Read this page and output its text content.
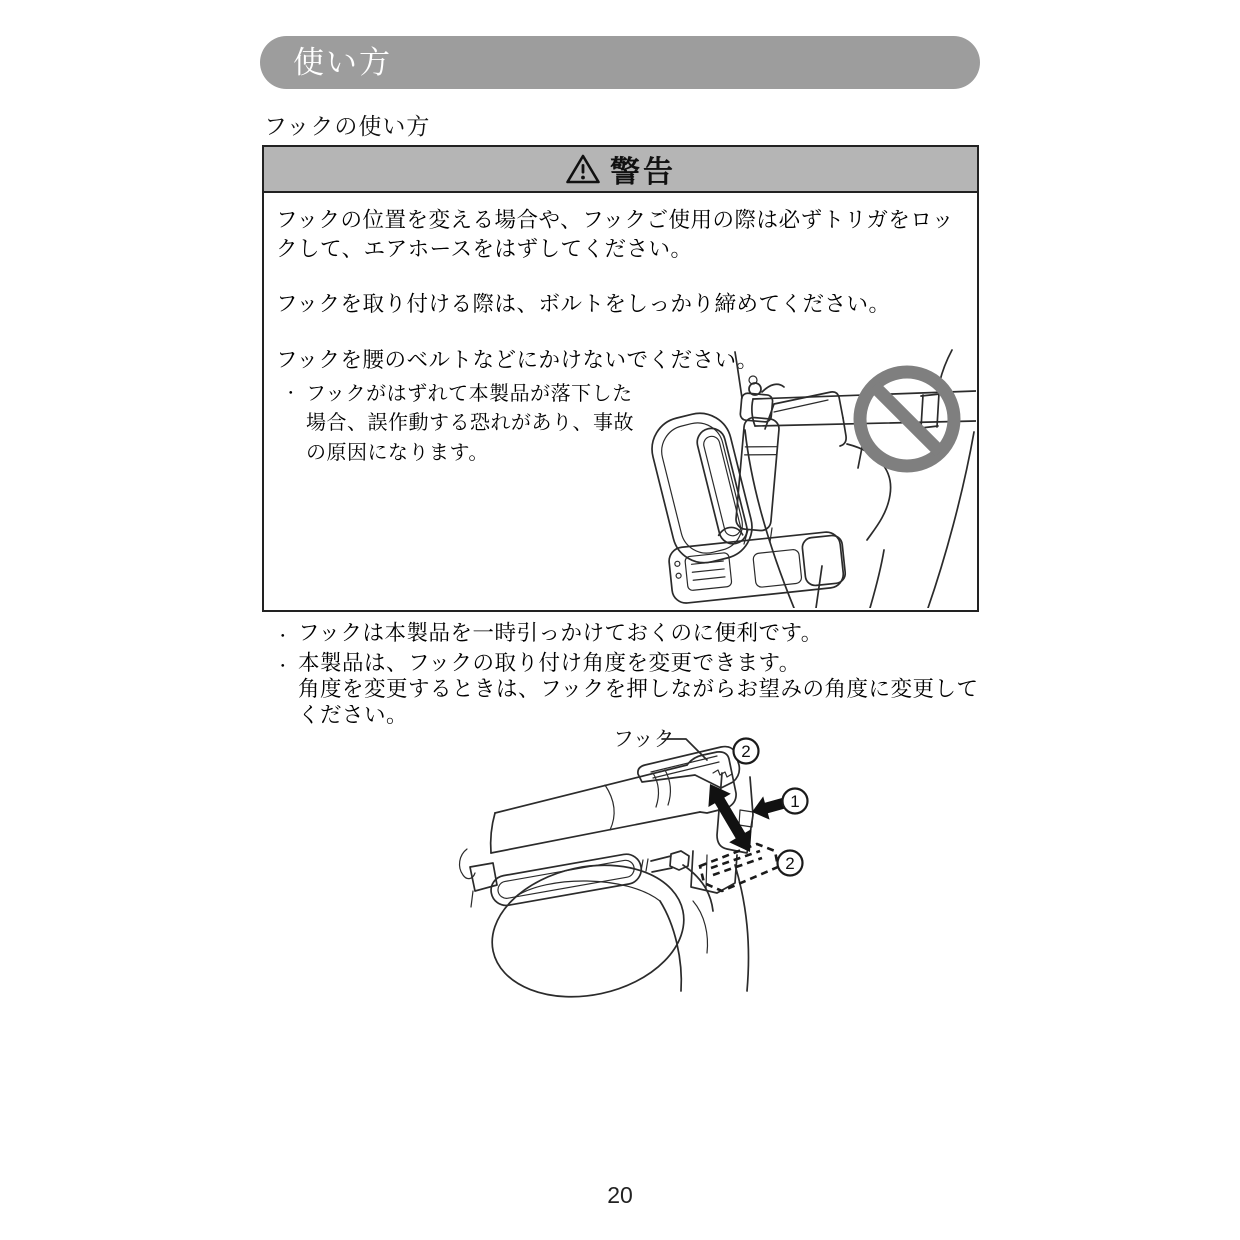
使い方
フックの使い方
警告

フックの位置を変える場合や、フックご使用の際は必ずトリガをロックして、エアホースをはずしてください。

フックを取り付ける際は、ボルトをしっかり締めてください。

フックを腰のベルトなどにかけないでください。

・ フックがはずれて本製品が落下した場合、誤作動する恐れがあり、事故の原因になります。
・ フックは本製品を一時引っかけておくのに便利です。
・ 本製品は、フックの取り付け角度を変更できます。
角度を変更するときは、フックを押しながらお望みの角度に変更してください。
フック
2
1
2
20
